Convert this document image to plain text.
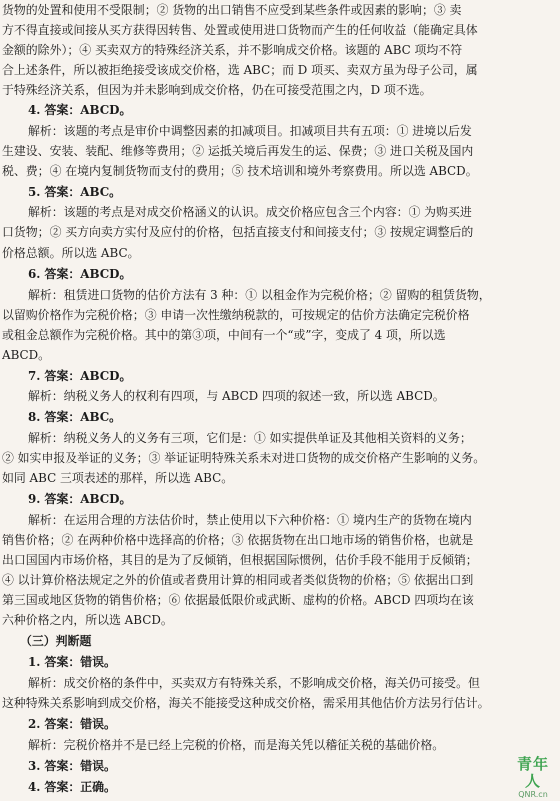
货物的处置和使用不受限制；② 货物的出口销售不应受到某些条件或因素的影响；③ 卖
方不得直接或间接从买方获得因转售、处置或使用进口货物而产生的任何收益（能确定具体
金额的除外）；④ 买卖双方的特殊经济关系，并不影响成交价格。该题的 ABC 项均不符
合上述条件，所以被拒绝接受该成交价格，选 ABC；而 D 项买、卖双方虽为母子公司，属
于特殊经济关系，但因为并未影响到成交价格，仍在可接受范围之内，D 项不选。
4. 答案：ABCD。
解析：该题的考点是审价中调整因素的扣减项目。扣减项目共有五项：① 进境以后发
生建设、安装、装配、维修等费用；② 运抵关境后再发生的运、保费；③ 进口关税及国内
税、费；④ 在境内复制货物而支付的费用；⑤ 技术培训和境外考察费用。所以选 ABCD。
5. 答案：ABC。
解析：该题的考点是对成交价格涵义的认识。成交价格应包含三个内容：① 为购买进
口货物；② 买方向卖方实付及应付的价格，包括直接支付和间接支付；③ 按规定调整后的
价格总额。所以选 ABC。
6. 答案：ABCD。
解析：租赁进口货物的估价方法有 3 种：① 以租金作为完税价格；② 留购的租赁货物，
以留购价格作为完税价格；③ 申请一次性缴纳税款的，可按规定的估价方法确定完税价格
或租金总额作为完税价格。其中的第③项，中间有一个“或”字，变成了 4 项，所以选
ABCD。
7. 答案：ABCD。
解析：纳税义务人的权利有四项，与 ABCD 四项的叙述一致，所以选 ABCD。
8. 答案：ABC。
解析：纳税义务人的义务有三项，它们是：① 如实提供单证及其他相关资料的义务；
② 如实申报及举证的义务；③ 举证证明特殊关系未对进口货物的成交价格产生影响的义务。
如同 ABC 三项表述的那样，所以选 ABC。
9. 答案：ABCD。
解析：在运用合理的方法估价时，禁止使用以下六种价格：① 境内生产的货物在境内
销售价格；② 在两种价格中选择高的价格；③ 依据货物在出口地市场的销售价格，也就是
出口国国内市场价格，其目的是为了反倾销，但根据国际惯例，估价手段不能用于反倾销；
④ 以计算价格法规定之外的价值或者费用计算的相同或者类似货物的价格；⑤ 依据出口到
第三国或地区货物的销售价格；⑥ 依据最低限价或武断、虚构的价格。ABCD 四项均在该
六种价格之内，所以选 ABCD。
（三）判断题
1. 答案：错误。
解析：成交价格的条件中，买卖双方有特殊关系，不影响成交价格，海关仍可接受。但
这种特殊关系影响到成交价格，海关不能接受这种成交价格，需采用其他估价方法另行估计。
2. 答案：错误。
解析：完税价格并不是已经上完税的价格，而是海关凭以稽征关税的基础价格。
3. 答案：错误。
4. 答案：正确。
青年人
QNR.cn
